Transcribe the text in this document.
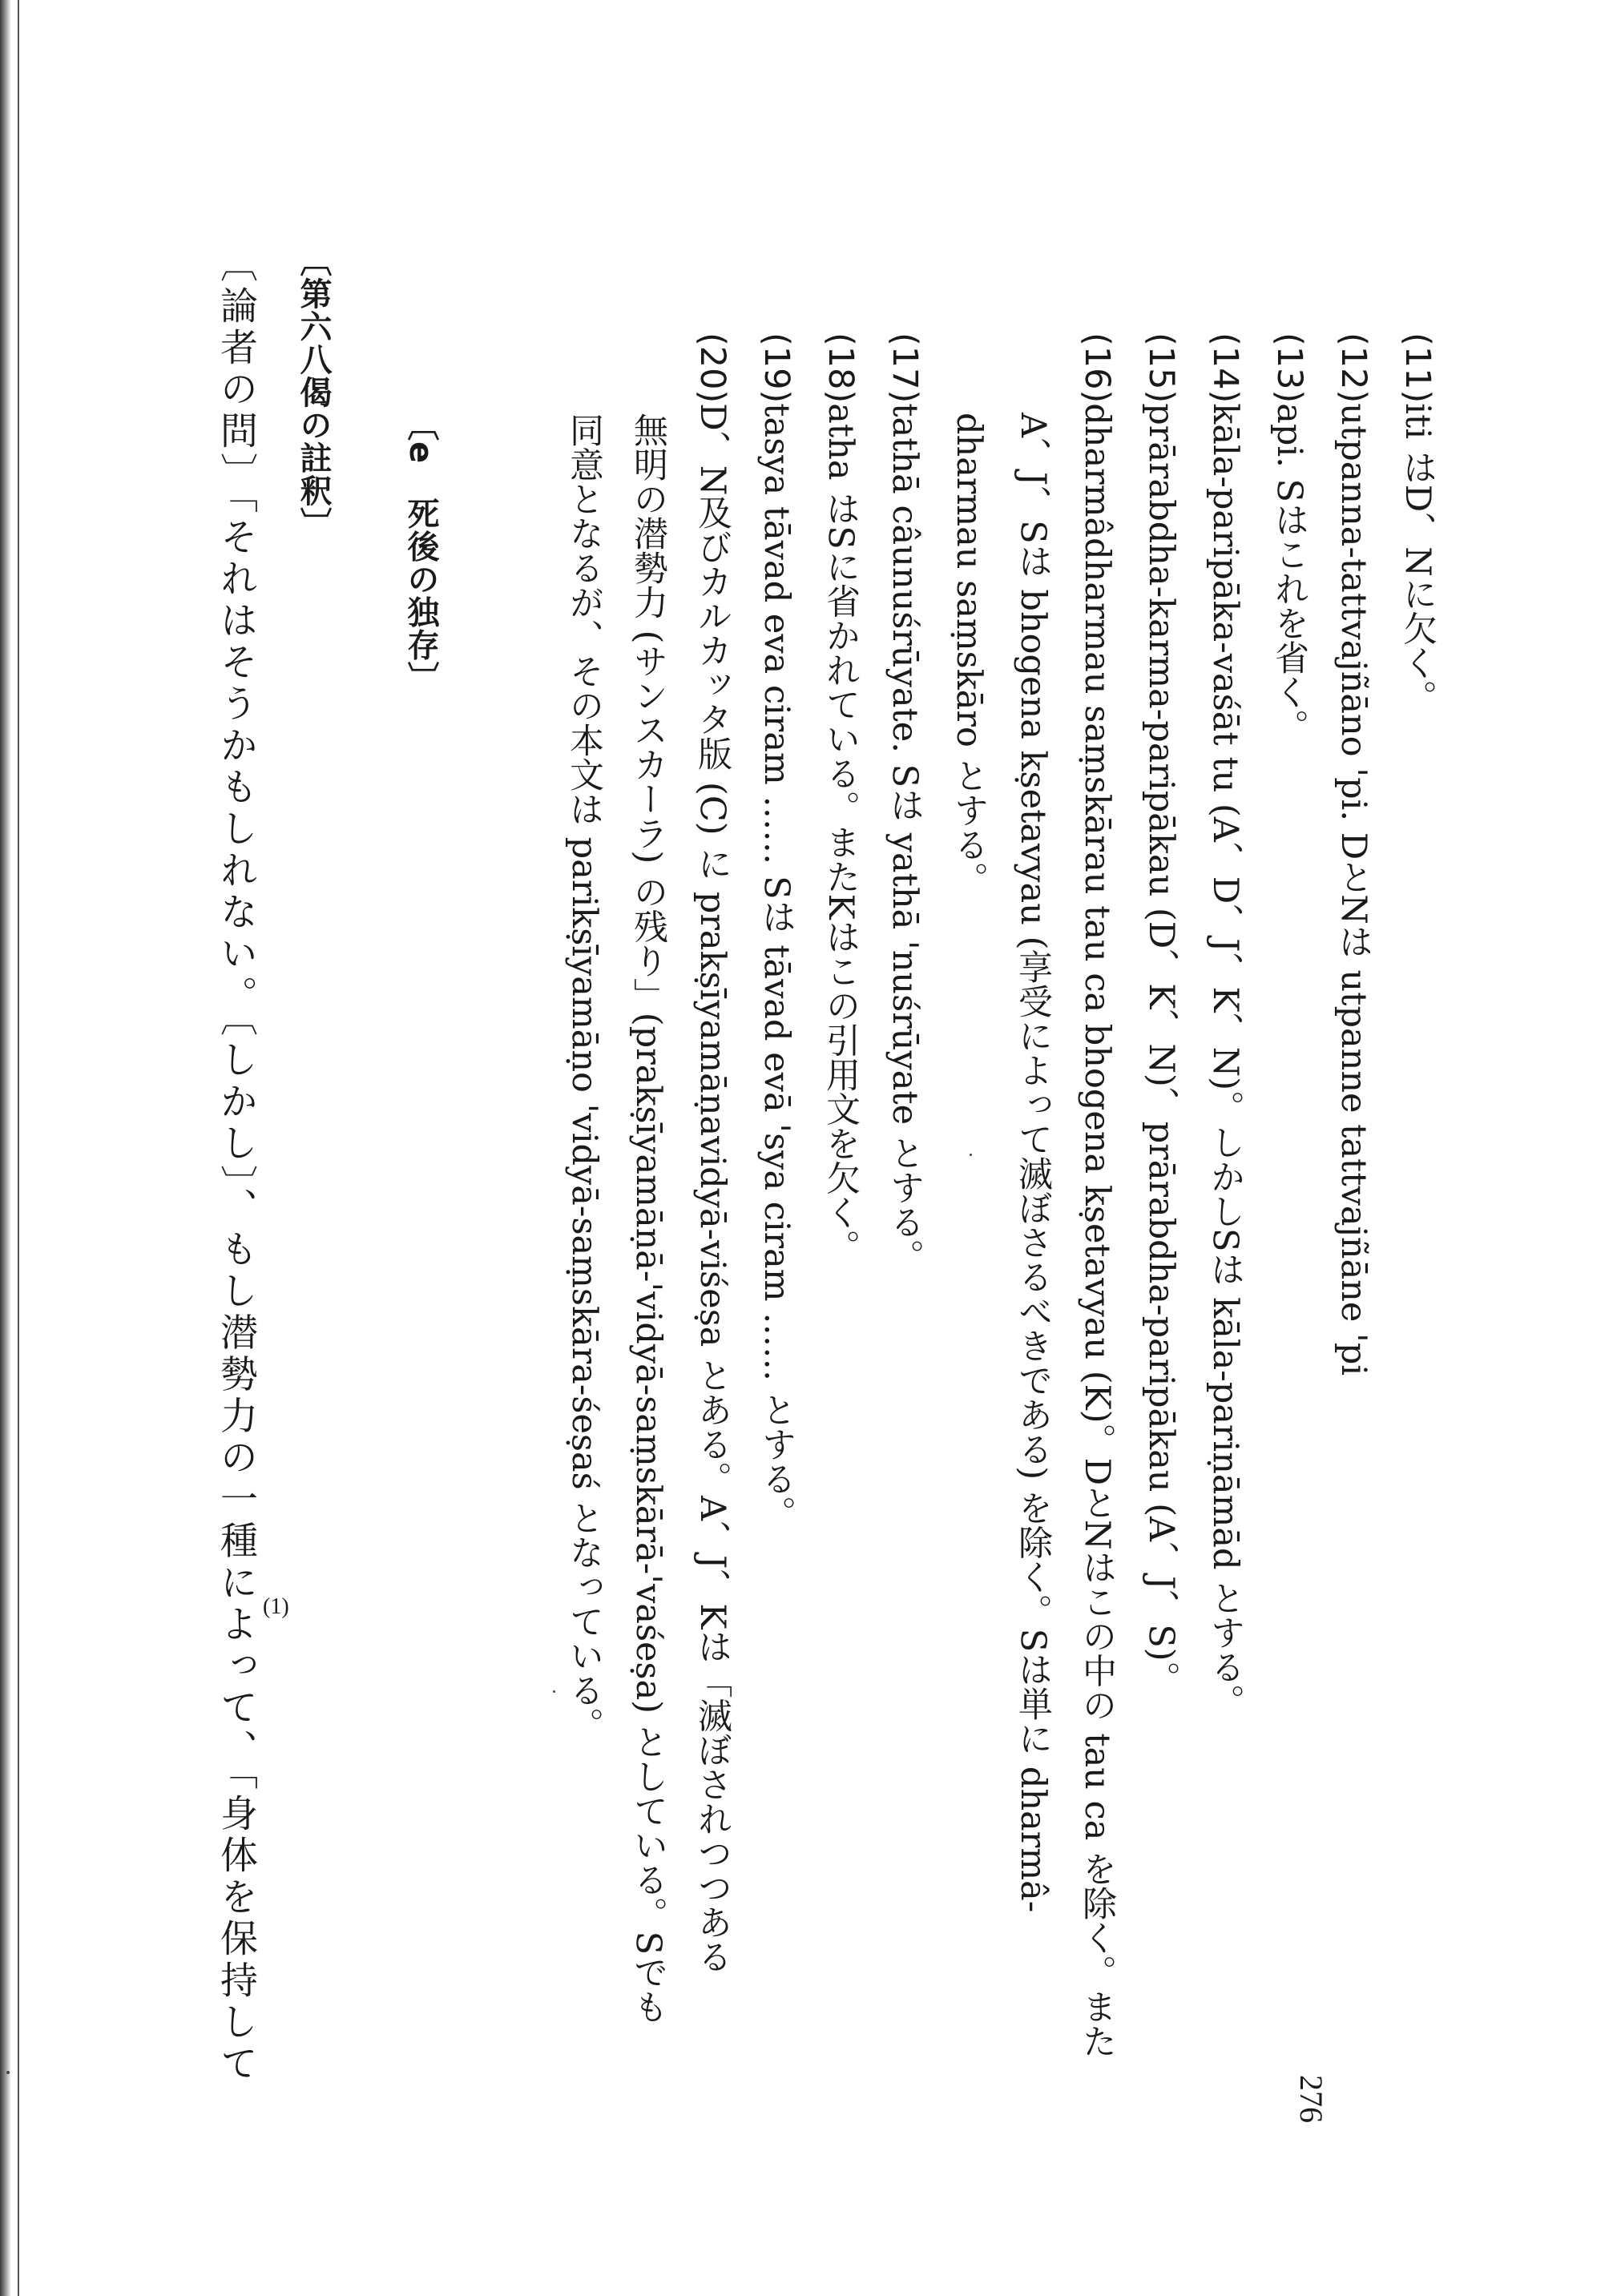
276
(11)iti はD、Nに欠く。
(12)utpanna-tattvajñāno 'pi. DとNは utpanne tattvajñāne 'pi
(13)api. Sはこれを省く。
(14)kāla-paripāka-vaśāt tu (A、D、J、K、N)。しかしSは kāla-pariṇāmād とする。
(15)prārabdha-karma-paripākau (D、K、N)、prārabdha-paripākau (A、J、S)。
(16)dharmâdharmau saṃskārau tau ca bhogena kṣetavyau (K)。DとNはこの中の tau ca を除く。また
A、J、Sは bhogena kṣetavyau (享受によって滅ぼさるべきである) を除く。Sは単に dharmâ-
dharmau saṃskāro とする。
(17)tathā câunuśrūyate. Sは yathā 'nuśrūyate とする。
(18)atha はSに省かれている。またKはこの引用文を欠く。
(19)tasya tāvad eva ciram …… Sは tāvad evā 'sya ciram …… とする。
(20)D、N及びカルカッタ版 (C) に prakṣīyamāṇavidyā-viśeṣa とある。A、J、Kは「滅ぼされつつある
無明の潜勢力 (サンスカーラ) の残り」(prakṣīyamāṇā-'vidyā-saṃskārā-'vaśeṣa) としている。Sでも
同意となるが、その本文は parikṣīyamāṇo 'vidyā-saṃskāra-śeṣaś となっている。
〔e　死後の独存〕
〔第六八偈の註釈〕
〔論者の問〕「それはそうかもしれない。〔しかし〕、もし潜勢力の一種によって、「身体を保持して (1)
